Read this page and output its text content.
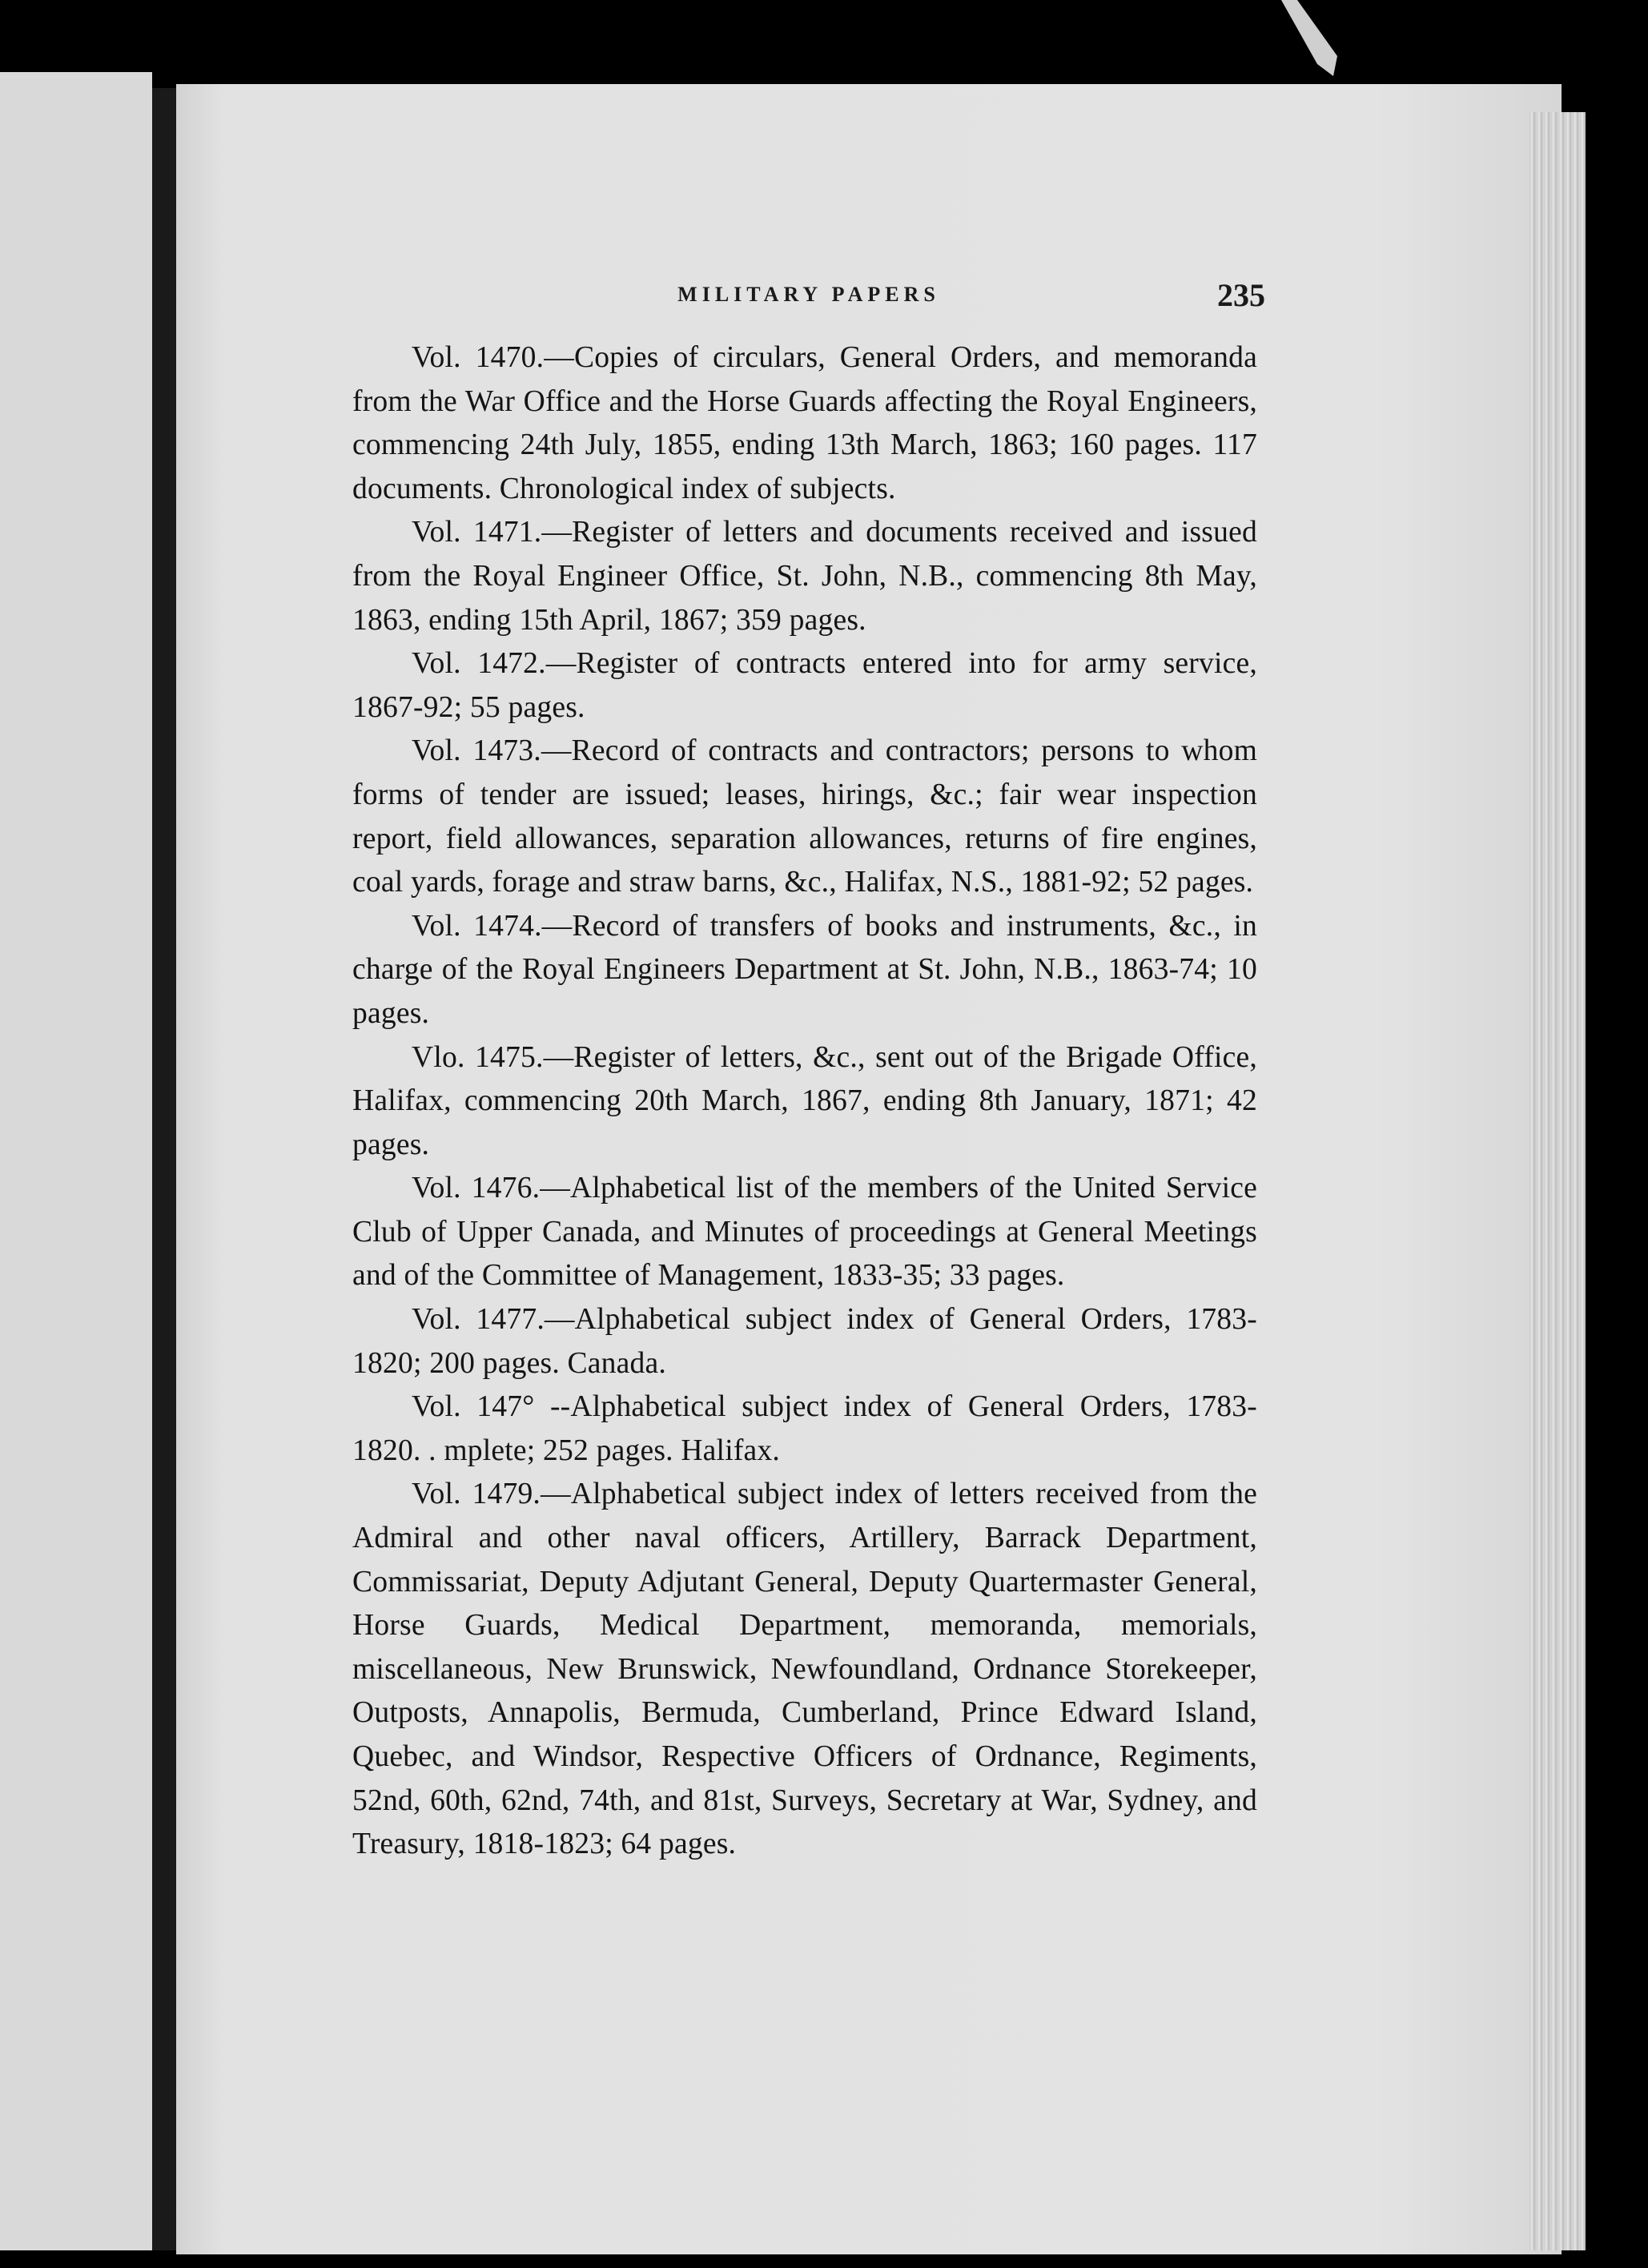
MILITARY PAPERS	235

Vol. 1470.—Copies of circulars, General Orders, and memoranda from the War Office and the Horse Guards affecting the Royal Engineers, commencing 24th July, 1855, ending 13th March, 1863; 160 pages. 117 documents. Chronological index of subjects.

Vol. 1471.—Register of letters and documents received and issued from the Royal Engineer Office, St. John, N.B., commencing 8th May, 1863, ending 15th April, 1867; 359 pages.

Vol. 1472.—Register of contracts entered into for army service, 1867-92; 55 pages.

Vol. 1473.—Record of contracts and contractors; persons to whom forms of tender are issued; leases, hirings, &c.; fair wear inspection report, field allowances, separation allowances, returns of fire engines, coal yards, forage and straw barns, &c., Halifax, N.S., 1881-92; 52 pages.

Vol. 1474.—Record of transfers of books and instruments, &c., in charge of the Royal Engineers Department at St. John, N.B., 1863-74; 10 pages.

Vlo. 1475.—Register of letters, &c., sent out of the Brigade Office, Halifax, commencing 20th March, 1867, ending 8th January, 1871; 42 pages.

Vol. 1476.—Alphabetical list of the members of the United Service Club of Upper Canada, and Minutes of proceedings at General Meetings and of the Committee of Management, 1833-35; 33 pages.

Vol. 1477.—Alphabetical subject index of General Orders, 1783-1820; 200 pages. Canada.

Vol. 147° --Alphabetical subject index of General Orders, 1783-1820. . mplete; 252 pages. Halifax.

Vol. 1479.—Alphabetical subject index of letters received from the Admiral and other naval officers, Artillery, Barrack Department, Commissariat, Deputy Adjutant General, Deputy Quartermaster General, Horse Guards, Medical Department, memoranda, memorials, miscellaneous, New Brunswick, Newfoundland, Ordnance Storekeeper, Outposts, Annapolis, Bermuda, Cumberland, Prince Edward Island, Quebec, and Windsor, Respective Officers of Ordnance, Regiments, 52nd, 60th, 62nd, 74th, and 81st, Surveys, Secretary at War, Sydney, and Treasury, 1818-1823; 64 pages.
